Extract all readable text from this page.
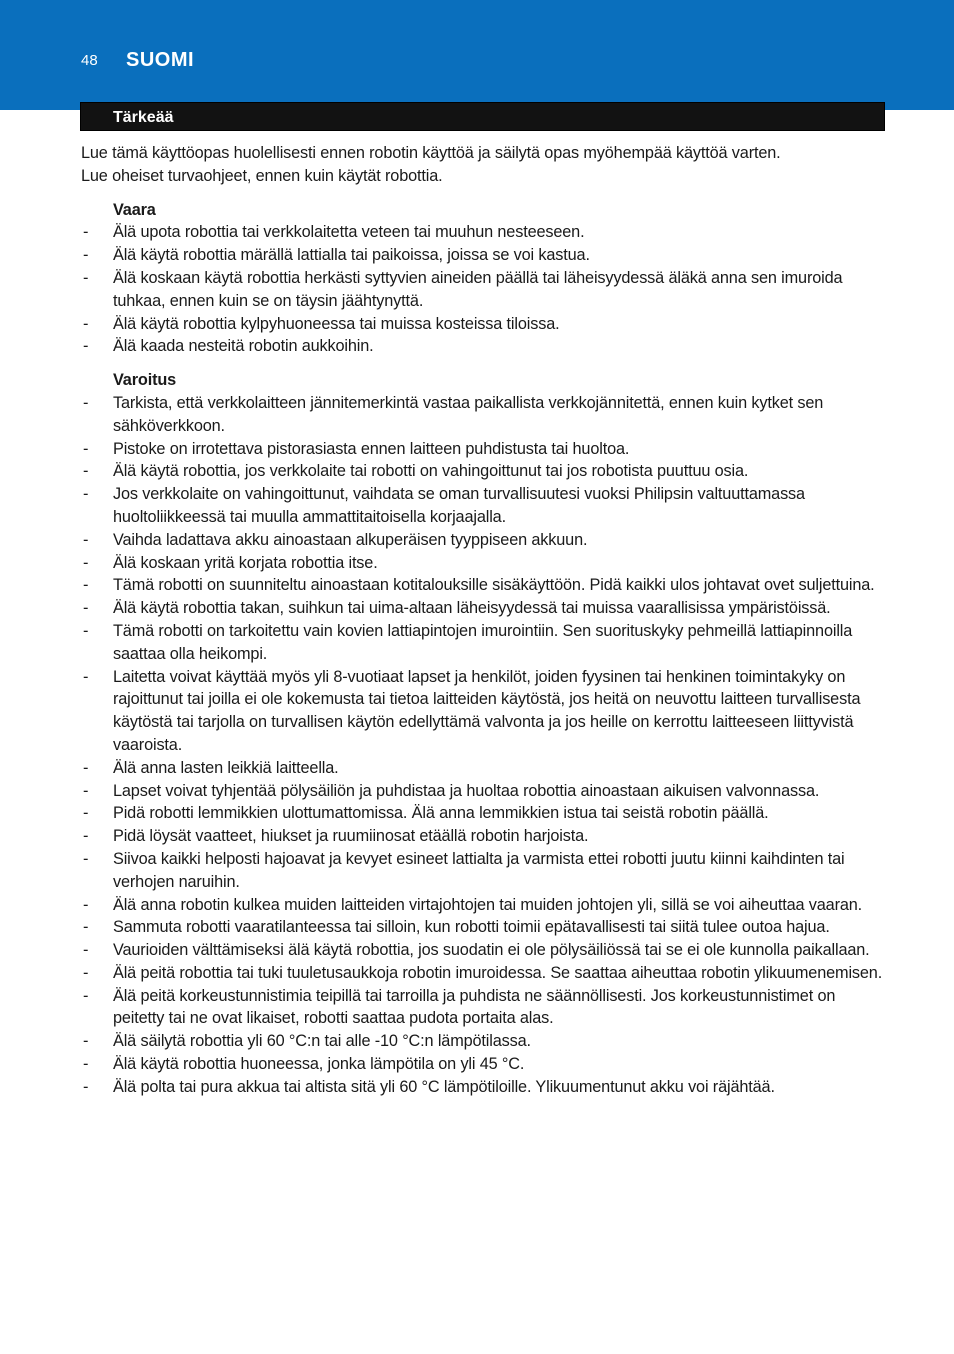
48 SUOMI
Tärkeää

Lue tämä käyttöopas huolellisesti ennen robotin käyttöä ja säilytä opas myöhempää käyttöä varten.

Lue oheiset turvaohjeet, ennen kuin käytät robottia.

Vaara
- Älä upota robottia tai verkkolaitetta veteen tai muuhun nesteeseen.
- Älä käytä robottia märällä lattialla tai paikoissa, joissa se voi kastua.
- Älä koskaan käytä robottia herkästi syttyvien aineiden päällä tai läheisyydessä äläkä anna sen imuroida tuhkaa, ennen kuin se on täysin jäähtynyttä.
- Älä käytä robottia kylpyhuoneessa tai muissa kosteissa tiloissa.
- Älä kaada nesteitä robotin aukkoihin.
Varoitus
- Tarkista, että verkkolaitteen jännitemerkintä vastaa paikallista verkkojännitettä, ennen kuin kytket sen sähköverkkoon.
- Pistoke on irrotettava pistorasiasta ennen laitteen puhdistusta tai huoltoa.
- Älä käytä robottia, jos verkkolaite tai robotti on vahingoittunut tai jos robotista puuttuu osia.
- Jos verkkolaite on vahingoittunut, vaihdata se oman turvallisuutesi vuoksi Philipsin valtuuttamassa huoltoliikkeessä tai muulla ammattitaitoisella korjaajalla.
- Vaihda ladattava akku ainoastaan alkuperäisen tyyppiseen akkuun.
- Älä koskaan yritä korjata robottia itse.
- Tämä robotti on suunniteltu ainoastaan kotitalouksille sisäkäyttöön. Pidä kaikki ulos johtavat ovet suljettuina.
- Älä käytä robottia takan, suihkun tai uima-altaan läheisyydessä tai muissa vaarallisissa ympäristöissä.
- Tämä robotti on tarkoitettu vain kovien lattiapintojen imurointiin. Sen suorituskyky pehmeillä lattiapinnoilla saattaa olla heikompi.
- Laitetta voivat käyttää myös yli 8-vuotiaat lapset ja henkilöt, joiden fyysinen tai henkinen toimintakyky on rajoittunut tai joilla ei ole kokemusta tai tietoa laitteiden käytöstä, jos heitä on neuvottu laitteen turvallisesta käytöstä tai tarjolla on turvallisen käytön edellyttämä valvonta ja jos heille on kerrottu laitteeseen liittyvistä vaaroista.
- Älä anna lasten leikkiä laitteella.
- Lapset voivat tyhjentää pölysäiliön ja puhdistaa ja huoltaa robottia ainoastaan aikuisen valvonnassa.
- Pidä robotti lemmikkien ulottumattomissa. Älä anna lemmikkien istua tai seistä robotin päällä.
- Pidä löysät vaatteet, hiukset ja ruumiinosat etäällä robotin harjoista.
- Siivoa kaikki helposti hajoavat ja kevyet esineet lattialta ja varmista ettei robotti juutu kiinni kaihdinten tai verhojen naruihin.
- Älä anna robotin kulkea muiden laitteiden virtajohtojen tai muiden johtojen yli, sillä se voi aiheuttaa vaaran.
- Sammuta robotti vaaratilanteessa tai silloin, kun robotti toimii epätavallisesti tai siitä tulee outoa hajua.
- Vaurioiden välttämiseksi älä käytä robottia, jos suodatin ei ole pölysäiliössä tai se ei ole kunnolla paikallaan.
- Älä peitä robottia tai tuki tuuletusaukkoja robotin imuroidessa. Se saattaa aiheuttaa robotin ylikuumenemisen.
- Älä peitä korkeustunnistimia teipillä tai tarroilla ja puhdista ne säännöllisesti. Jos korkeustunnistimet on peitetty tai ne ovat likaiset, robotti saattaa pudota portaita alas.
- Älä säilytä robottia yli 60 °C:n tai alle -10 °C:n lämpötilassa.
- Älä käytä robottia huoneessa, jonka lämpötila on yli 45 °C.
- Älä polta tai pura akkua tai altista sitä yli 60 °C lämpötiloille. Ylikuumentunut akku voi räjähtää.
